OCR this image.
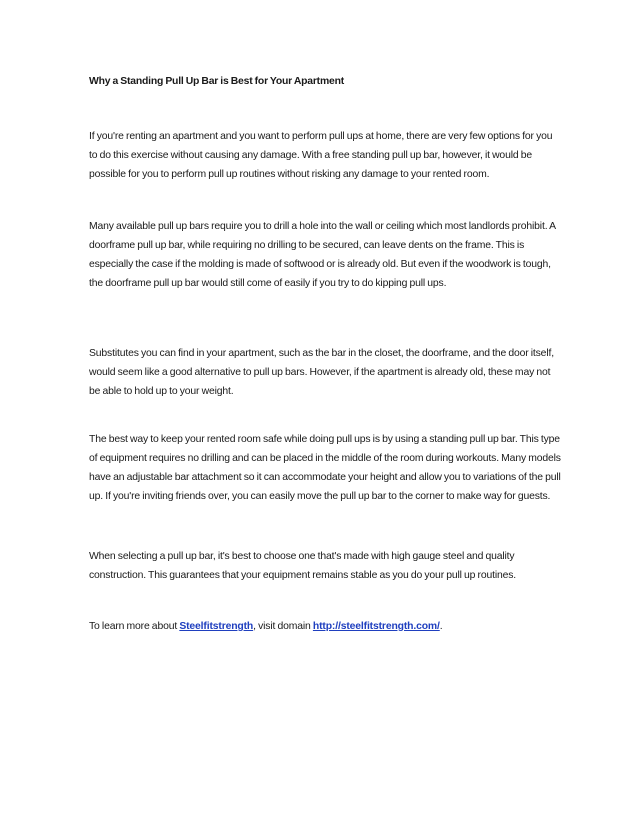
Why a Standing Pull Up Bar is Best for Your Apartment

If you're renting an apartment and you want to perform pull ups at home, there are very few options for you to do this exercise without causing any damage. With a free standing pull up bar, however, it would be possible for you to perform pull up routines without risking any damage to your rented room.

Many available pull up bars require you to drill a hole into the wall or ceiling which most landlords prohibit. A doorframe pull up bar, while requiring no drilling to be secured, can leave dents on the frame. This is especially the case if the molding is made of softwood or is already old. But even if the woodwork is tough, the doorframe pull up bar would still come of easily if you try to do kipping pull ups.

Substitutes you can find in your apartment, such as the bar in the closet, the doorframe, and the door itself, would seem like a good alternative to pull up bars. However, if the apartment is already old, these may not be able to hold up to your weight.

The best way to keep your rented room safe while doing pull ups is by using a standing pull up bar. This type of equipment requires no drilling and can be placed in the middle of the room during workouts. Many models have an adjustable bar attachment so it can accommodate your height and allow you to variations of the pull up. If you're inviting friends over, you can easily move the pull up bar to the corner to make way for guests.

When selecting a pull up bar, it's best to choose one that's made with high gauge steel and quality construction. This guarantees that your equipment remains stable as you do your pull up routines.

To learn more about Steelfitstrength, visit domain http://steelfitstrength.com/.
